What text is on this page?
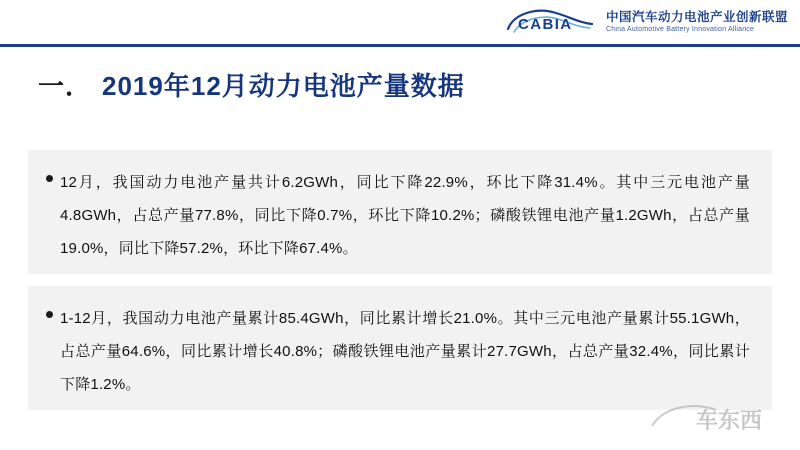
CABIA	中国汽车动力电池产业创新联盟
China Automotive Battery Innovation Alliance
一． 2019年12月动力电池产量数据
12月，我国动力电池产量共计6.2GWh，同比下降22.9%，环比下降31.4%。其中三元电池产量4.8GWh，占总产量77.8%，同比下降0.7%，环比下降10.2%；磷酸铁锂电池产量1.2GWh，占总产量19.0%，同比下降57.2%，环比下降67.4%。
1-12月，我国动力电池产量累计85.4GWh，同比累计增长21.0%。其中三元电池产量累计55.1GWh，占总产量64.6%，同比累计增长40.8%；磷酸铁锂电池产量累计27.7GWh，占总产量32.4%，同比累计下降1.2%。
车东西
